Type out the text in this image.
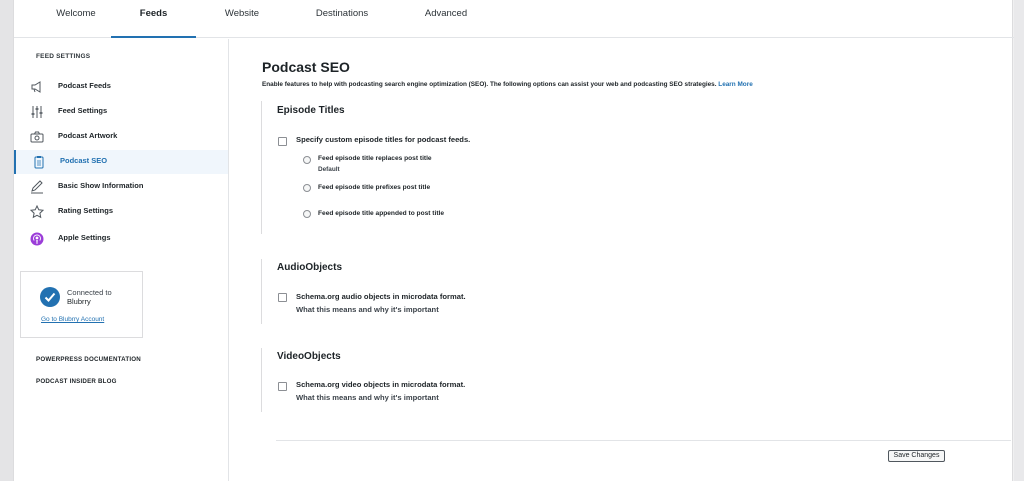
Welcome	Feeds	Website	Destinations	Advanced
FEED SETTINGS
Podcast Feeds
Feed Settings
Podcast Artwork
Podcast SEO
Basic Show Information
Rating Settings
Apple Settings
Connected to
Blubrry
Go to Blubrry Account
POWERPRESS DOCUMENTATION
PODCAST INSIDER BLOG
Podcast SEO
Enable features to help with podcasting search engine optimization (SEO). The following options can assist your web and podcasting SEO strategies. Learn More
Episode Titles
Specify custom episode titles for podcast feeds.
Feed episode title replaces post title
Default
Feed episode title prefixes post title
Feed episode title appended to post title
AudioObjects
Schema.org audio objects in microdata format.
What this means and why it's important
VideoObjects
Schema.org video objects in microdata format.
What this means and why it's important
Save Changes
